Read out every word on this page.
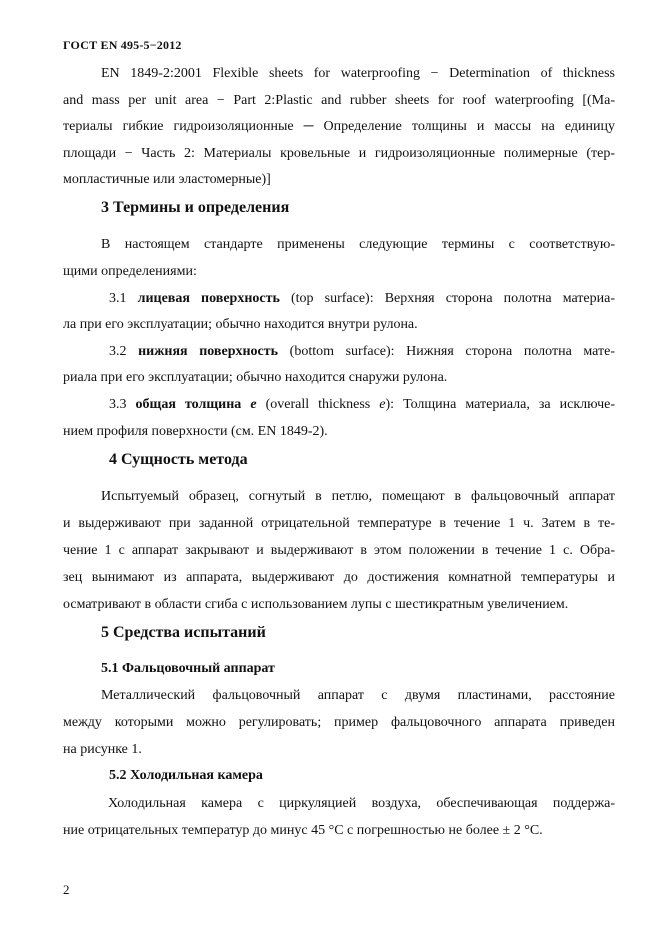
ГОСТ EN 495-5−2012
EN 1849-2:2001 Flexible sheets for waterproofing − Determination of thickness
and mass per unit area − Part 2:Plastic and rubber sheets for roof waterproofing [(Ма-
териалы гибкие гидроизоляционные ─ Определение толщины и массы на единицу
площади − Часть 2: Материалы кровельные и гидроизоляционные полимерные (тер-
мопластичные или эластомерные)]
3 Термины и определения
В настоящем стандарте применены следующие термины с соответствую-
щими определениями:
3.1 лицевая поверхность (top surface): Верхняя сторона полотна материа-
ла при его эксплуатации; обычно находится внутри рулона.
3.2 нижняя поверхность (bottom surface): Нижняя сторона полотна мате-
риала при его эксплуатации; обычно находится снаружи рулона.
3.3 общая толщина e (overall thickness e): Толщина материала, за исключе-
нием профиля поверхности (см. EN 1849-2).
4 Сущность метода
Испытуемый образец, согнутый в петлю, помещают в фальцовочный аппарат
и выдерживают при заданной отрицательной температуре в течение 1 ч. Затем в те-
чение 1 с аппарат закрывают и выдерживают в этом положении в течение 1 с. Обра-
зец вынимают из аппарата, выдерживают до достижения комнатной температуры и
осматривают в области сгиба с использованием лупы с шестикратным увеличением.
5 Средства испытаний
5.1 Фальцовочный аппарат
Металлический фальцовочный аппарат с двумя пластинами, расстояние
между которыми можно регулировать; пример фальцовочного аппарата приведен
на рисунке 1.
5.2 Холодильная камера
Холодильная камера с циркуляцией воздуха, обеспечивающая поддержа-
ние отрицательных температур до минус 45 °С с погрешностью не более ± 2 °С.
2
